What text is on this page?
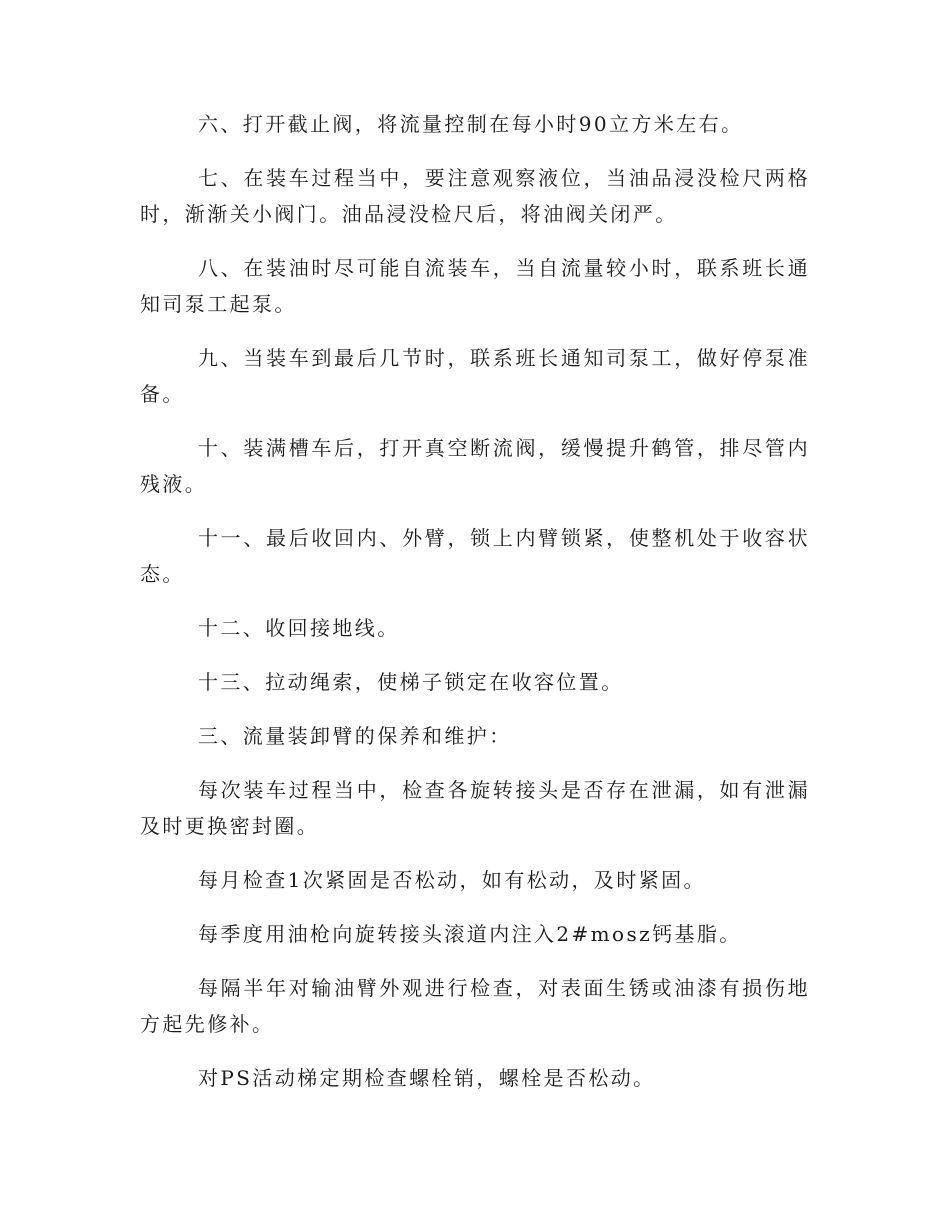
六、打开截止阀，将流量控制在每小时90立方米左右。

七、在装车过程当中，要注意观察液位，当油品浸没检尺两格时，渐渐关小阀门。油品浸没检尺后，将油阀关闭严。

八、在装油时尽可能自流装车，当自流量较小时，联系班长通知司泵工起泵。

九、当装车到最后几节时，联系班长通知司泵工，做好停泵准备。

十、装满槽车后，打开真空断流阀，缓慢提升鹤管，排尽管内残液。

十一、最后收回内、外臂，锁上内臂锁紧，使整机处于收容状态。

十二、收回接地线。

十三、拉动绳索，使梯子锁定在收容位置。

三、流量装卸臂的保养和维护：

每次装车过程当中，检查各旋转接头是否存在泄漏，如有泄漏及时更换密封圈。

每月检查1次紧固是否松动，如有松动，及时紧固。

每季度用油枪向旋转接头滚道内注入2#mosz钙基脂。

每隔半年对输油臂外观进行检查，对表面生锈或油漆有损伤地方起先修补。

对PS活动梯定期检查螺栓销，螺栓是否松动。
